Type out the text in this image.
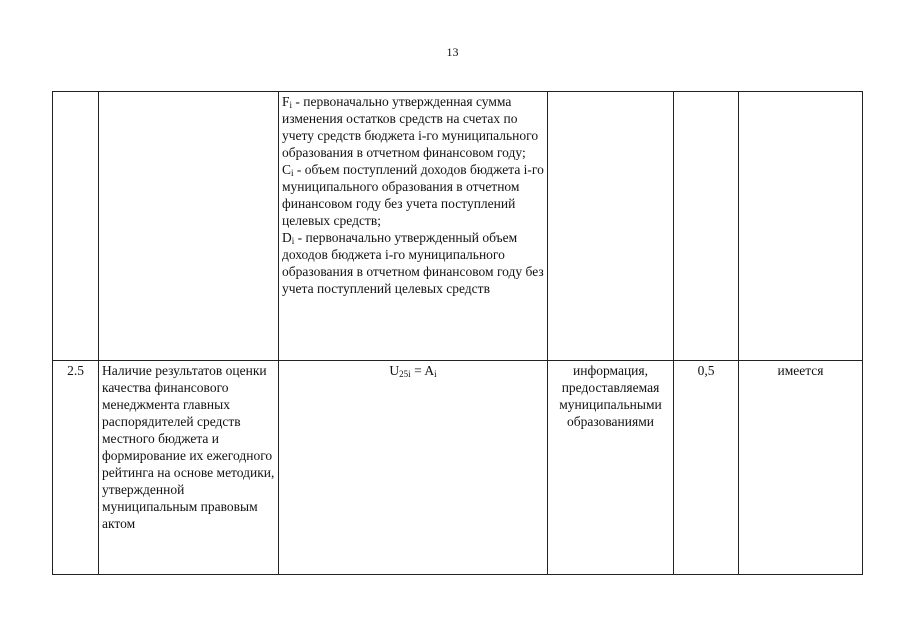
13

		$F_i$ - первоначально утвержденная сумма изменения остатков средств на счетах по учету средств бюджета i-го муниципального образования в отчетном финансовом году;
$C_i$ - объем поступлений доходов бюджета i-го муниципального образования в отчетном финансовом году без учета поступлений целевых средств;
$D_i$ - первоначально утвержденный объем доходов бюджета i-го муниципального образования в отчетном финансовом году без учета поступлений целевых средств			

2.5	Наличие результатов оценки качества финансового менеджмента главных распорядителей средств местного бюджета и формирование их ежегодного рейтинга на основе методики, утвержденной муниципальным правовым актом	$U_{25i} = A_i$	информация, предоставляемая муниципальными образованиями	0,5	имеется
